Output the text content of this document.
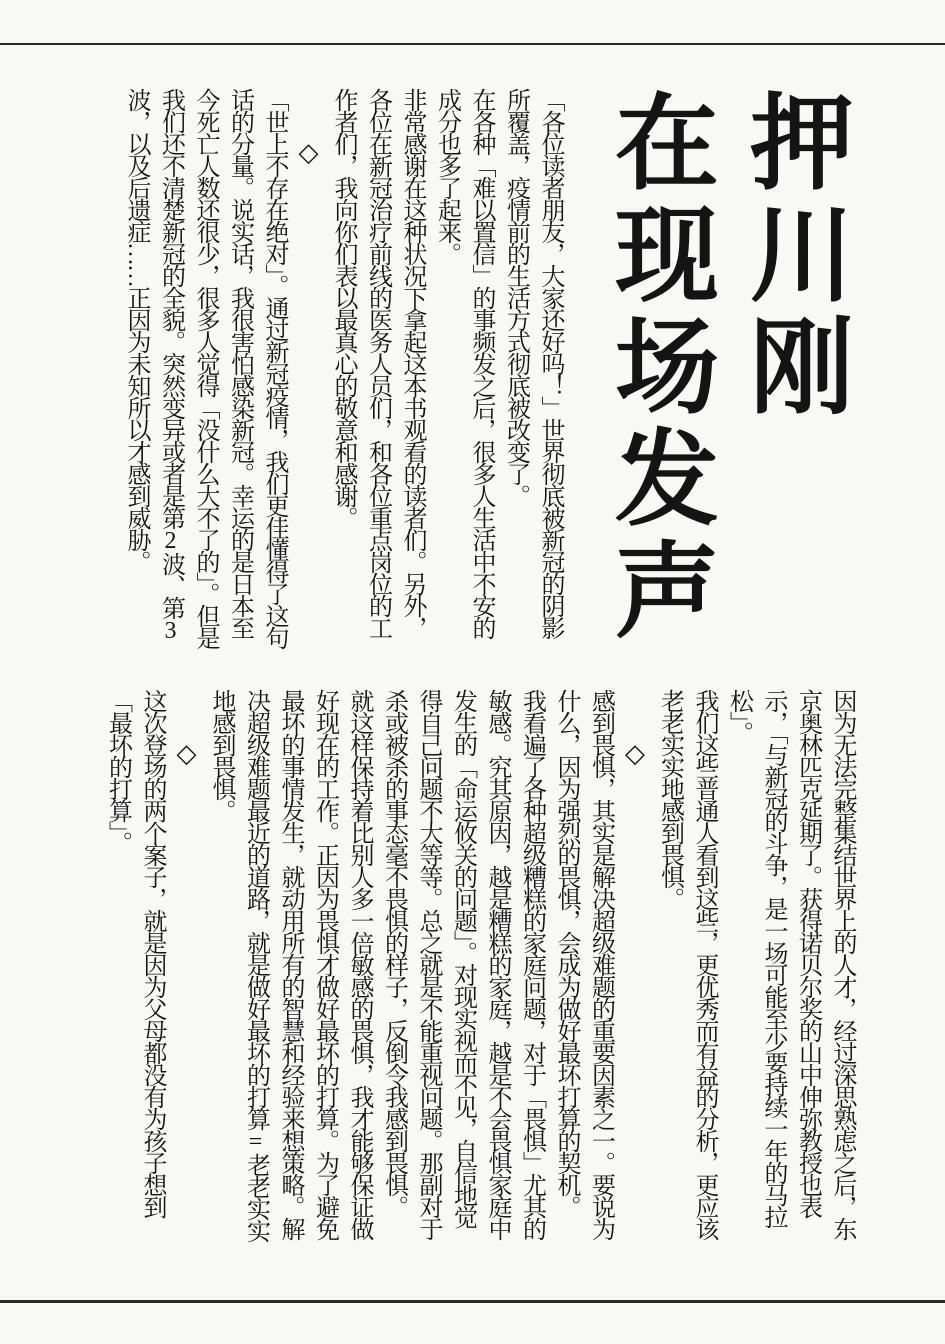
押川刚
在现场发声

「各位读者朋友，大家还好吗！」世界彻底被新冠的阴影所覆盖，疫情前的生活方式彻底被改变了。

在各种「难以置信」的事频发之后，很多人生活中不安的成分也多了起来。

非常感谢在这种状况下拿起这本书观看的读者们。另外，各位在新冠治疗前线的医务人员们，和各位重点岗位的工作者们，我向你们表以最真心的敬意和感谢。

◇

「世上不存在绝对」。通过新冠疫情，我们更佳懂得了这句话的分量。说实话，我很害怕感染新冠。幸运的是日本至今死亡人数还很少，很多人觉得「没什么大不了的」。但是我们还不清楚新冠的全貌。突然变异或者是第2波、第3波，以及后遗症……正因为未知所以才感到威胁。

因为无法完整集结世界上的人才，经过深思熟虑之后，东京奥林匹克延期了。获得诺贝尔奖的山中伸弥教授也表示，「与新冠的斗争，是一场可能至少要持续一年的马拉松」。

我们这些普通人看到这些，更优秀而有益的分析，更应该老老实实地感到畏惧。

◇

感到畏惧，其实是解决超级难题的重要因素之一。要说为什么，因为强烈的畏惧，会成为做好最坏打算的契机。

我看遍了各种超级糟糕的家庭问题，对于「畏惧」尤其的敏感。究其原因，越是糟糕的家庭，越是不会畏惧家庭中发生的「命运攸关的问题」。对现实视而不见，自信地觉得自己问题不大等等。总之就是不能重视问题。那副对于杀或被杀的事态毫不畏惧的样子，反倒令我感到畏惧。

就这样保持着比别人多一倍敏感的畏惧，我才能够保证做好现在的工作。正因为畏惧才做好最坏的打算。为了避免最坏的事情发生，就动用所有的智慧和经验来想策略。解决超级难题最近的道路，就是做好最坏的打算=老老实实地感到畏惧。

◇

这次登场的两个案子，就是因为父母都没有为孩子想到「最坏的打算」。
